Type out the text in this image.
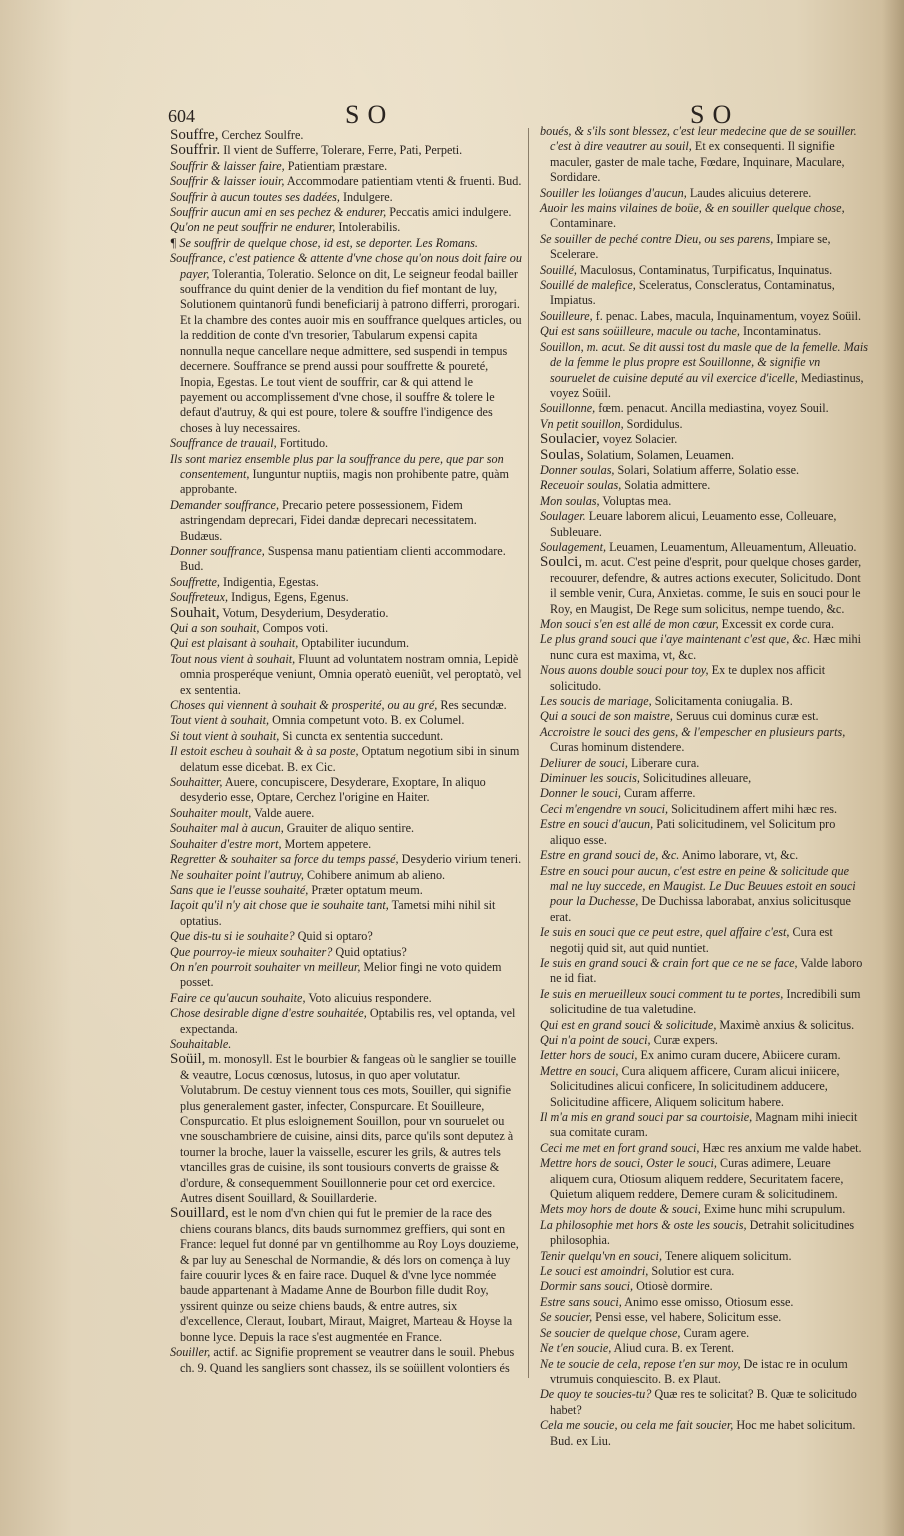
604	SO	SO

Souffre, Cerchez Soulfre.

Souffrir. Il vient de Sufferre, Tolerare, Ferre, Pati, Perpeti.

Souffrir & laisser faire, Patientiam præstare.

Souffrir & laisser iouir, Accommodare patientiam vtenti & fruenti. Bud.

Souffrir à aucun toutes ses dadées, Indulgere.

Souffrir aucun ami en ses pechez & endurer, Peccatis amici indulgere.

Qu'on ne peut souffrir ne endurer, Intolerabilis.

¶ Se souffrir de quelque chose, id est, se deporter. Les Romans.

Souffrance, c'est patience & attente d'vne chose qu'on nous doit faire ou payer, Tolerantia, Toleratio. Selonce on dit, Le seigneur feodal bailler souffrance du quint denier de la vendition du fief montant de luy, Solutionem quintanorũ fundi beneficiarij à patrono differri, prorogari. Et la chambre des contes auoir mis en souffrance quelques articles, ou la reddition de conte d'vn tresorier, Tabularum expensi capita nonnulla neque cancellare neque admittere, sed suspendi in tempus decernere. Souffrance se prend aussi pour souffrette & poureté, Inopia, Egestas. Le tout vient de souffrir, car & qui attend le payement ou accomplissement d'vne chose, il souffre & tolere le defaut d'autruy, & qui est poure, tolere & souffre l'indigence des choses à luy necessaires.

Souffrance de trauail, Fortitudo.

Ils sont mariez ensemble plus par la souffrance du pere, que par son consentement, Iunguntur nuptiis, magis non prohibente patre, quàm approbante.

Demander souffrance, Precario petere possessionem, Fidem astringendam deprecari, Fidei dandæ deprecari necessitatem. Budæus.

Donner souffrance, Suspensa manu patientiam clienti accommodare. Bud.

Souffrette, Indigentia, Egestas.

Souffreteux, Indigus, Egens, Egenus.

Souhait, Votum, Desyderium, Desyderatio.

Qui a son souhait, Compos voti.

Qui est plaisant à souhait, Optabiliter iucundum.

Tout nous vient à souhait, Fluunt ad voluntatem nostram omnia, Lepidè omnia prosperéque veniunt, Omnia operatò eueniũt, vel peroptatò, vel ex sententia.

Choses qui viennent à souhait & prosperité, ou au gré, Res secundæ.

Tout vient à souhait, Omnia competunt voto. B. ex Columel.

Si tout vient à souhait, Si cuncta ex sententia succedunt.

Il estoit escheu à souhait & à sa poste, Optatum negotium sibi in sinum delatum esse dicebat. B. ex Cic.

Souhaitter, Auere, concupiscere, Desyderare, Exoptare, In aliquo desyderio esse, Optare, Cerchez l'origine en Haiter.

Souhaiter moult, Valde auere.

Souhaiter mal à aucun, Grauiter de aliquo sentire.

Souhaiter d'estre mort, Mortem appetere.

Regretter & souhaiter sa force du temps passé, Desyderio virium teneri.

Ne souhaiter point l'autruy, Cohibere animum ab alieno.

Sans que ie l'eusse souhaité, Præter optatum meum.

Iaçoit qu'il n'y ait chose que ie souhaite tant, Tametsi mihi nihil sit optatius.

Que dis-tu si ie souhaite? Quid si optaro?

Que pourroy-ie mieux souhaiter? Quid optatius?

On n'en pourroit souhaiter vn meilleur, Melior fingi ne voto quidem posset.

Faire ce qu'aucun souhaite, Voto alicuius respondere.

Chose desirable digne d'estre souhaitée, Optabilis res, vel optanda, vel expectanda.

Souhaitable.

Soüil, m. monosyll. Est le bourbier & fangeas où le sanglier se touille & veautre, Locus cœnosus, lutosus, in quo aper volutatur. Volutabrum. De cestuy viennent tous ces mots, Souiller, qui signifie plus generalement gaster, infecter, Conspurcare. Et Souilleure, Conspurcatio. Et plus esloignement Souillon, pour vn souruelet ou vne souschambriere de cuisine, ainsi dits, parce qu'ils sont deputez à tourner la broche, lauer la vaisselle, escurer les grils, & autres tels vtancilles gras de cuisine, ils sont tousiours converts de graisse & d'ordure, & consequemment Souillonnerie pour cet ord exercice. Autres disent Souillard, & Souillarderie.

Souillard, est le nom d'vn chien qui fut le premier de la race des chiens courans blancs, dits bauds surnommez greffiers, qui sont en France: lequel fut donné par vn gentilhomme au Roy Loys douzieme, & par luy au Seneschal de Normandie, & dés lors on comença à luy faire couurir lyces & en faire race. Duquel & d'vne lyce nommée baude appartenant à Madame Anne de Bourbon fille dudit Roy, yssirent quinze ou seize chiens bauds, & entre autres, six d'excellence, Cleraut, Ioubart, Miraut, Maigret, Marteau & Hoyse la bonne lyce. Depuis la race s'est augmentée en France.

Souiller, actif. ac Signifie proprement se veautrer dans le souil. Phebus ch. 9. Quand les sangliers sont chassez, ils se soüillent volontiers és

boués, & s'ils sont blessez, c'est leur medecine que de se souiller. c'est à dire veautrer au souil, Et ex consequenti. Il signifie maculer, gaster de male tache, Fœdare, Inquinare, Maculare, Sordidare.

Souiller les loüanges d'aucun, Laudes alicuius deterere.

Auoir les mains vilaines de boüe, & en souiller quelque chose, Contaminare.

Se souiller de peché contre Dieu, ou ses parens, Impiare se, Scelerare.

Souillé, Maculosus, Contaminatus, Turpificatus, Inquinatus.

Souillé de malefice, Sceleratus, Conscleratus, Contaminatus, Impiatus.

Souilleure, f. penac. Labes, macula, Inquinamentum, voyez Soüil.

Qui est sans soüilleure, macule ou tache, Incontaminatus.

Souillon, m. acut. Se dit aussi tost du masle que de la femelle. Mais de la femme le plus propre est Souillonne, & signifie vn souruelet de cuisine deputé au vil exercice d'icelle, Mediastinus, voyez Soüil.

Souillonne, fœm. penacut. Ancilla mediastina, voyez Souil.

Vn petit souillon, Sordidulus.

Soulacier, voyez Solacier.

Soulas, Solatium, Solamen, Leuamen.

Donner soulas, Solari, Solatium afferre, Solatio esse.

Receuoir soulas, Solatia admittere.

Mon soulas, Voluptas mea.

Soulager. Leuare laborem alicui, Leuamento esse, Colleuare, Subleuare.

Soulagement, Leuamen, Leuamentum, Alleuamentum, Alleuatio.

Soulci, m. acut. C'est peine d'esprit, pour quelque choses garder, recouurer, defendre, & autres actions executer, Solicitudo. Dont il semble venir, Cura, Anxietas. comme, Ie suis en souci pour le Roy, en Maugist, De Rege sum solicitus, nempe tuendo, &c.

Mon souci s'en est allé de mon cœur, Excessit ex corde cura.

Le plus grand souci que i'aye maintenant c'est que, &c. Hæc mihi nunc cura est maxima, vt, &c.

Nous auons double souci pour toy, Ex te duplex nos afficit solicitudo.

Les soucis de mariage, Solicitamenta coniugalia. B.

Qui a souci de son maistre, Seruus cui dominus curæ est.

Accroistre le souci des gens, & l'empescher en plusieurs parts, Curas hominum distendere.

Deliurer de souci, Liberare cura.

Diminuer les soucis, Solicitudines alleuare,

Donner le souci, Curam afferre.

Ceci m'engendre vn souci, Solicitudinem affert mihi hæc res.

Estre en souci d'aucun, Pati solicitudinem, vel Solicitum pro aliquo esse.

Estre en grand souci de, &c. Animo laborare, vt, &c.

Estre en souci pour aucun, c'est estre en peine & solicitude que mal ne luy succede, en Maugist. Le Duc Beuues estoit en souci pour la Duchesse, De Duchissa laborabat, anxius solicitusque erat.

Ie suis en souci que ce peut estre, quel affaire c'est, Cura est negotij quid sit, aut quid nuntiet.

Ie suis en grand souci & crain fort que ce ne se face, Valde laboro ne id fiat.

Ie suis en merueilleux souci comment tu te portes, Incredibili sum solicitudine de tua valetudine.

Qui est en grand souci & solicitude, Maximè anxius & solicitus.

Qui n'a point de souci, Curæ expers.

Ietter hors de souci, Ex animo curam ducere, Abiicere curam.

Mettre en souci, Cura aliquem afficere, Curam alicui iniicere, Solicitudines alicui conficere, In solicitudinem adducere, Solicitudine afficere, Aliquem solicitum habere.

Il m'a mis en grand souci par sa courtoisie, Magnam mihi iniecit sua comitate curam.

Ceci me met en fort grand souci, Hæc res anxium me valde habet.

Mettre hors de souci, Oster le souci, Curas adimere, Leuare aliquem cura, Otiosum aliquem reddere, Securitatem facere, Quietum aliquem reddere, Demere curam & solicitudinem.

Mets moy hors de doute & souci, Exime hunc mihi scrupulum.

La philosophie met hors & oste les soucis, Detrahit solicitudines philosophia.

Tenir quelqu'vn en souci, Tenere aliquem solicitum.

Le souci est amoindri, Solutior est cura.

Dormir sans souci, Otiosè dormire.

Estre sans souci, Animo esse omisso, Otiosum esse.

Se soucier, Pensi esse, vel habere, Solicitum esse.

Se soucier de quelque chose, Curam agere.

Ne t'en soucie, Aliud cura. B. ex Terent.

Ne te soucie de cela, repose t'en sur moy, De istac re in oculum vtrumuis conquiescito. B. ex Plaut.

De quoy te soucies-tu? Quæ res te solicitat? B. Quæ te solicitudo habet?

Cela me soucie, ou cela me fait soucier, Hoc me habet solicitum. Bud. ex Liu.
